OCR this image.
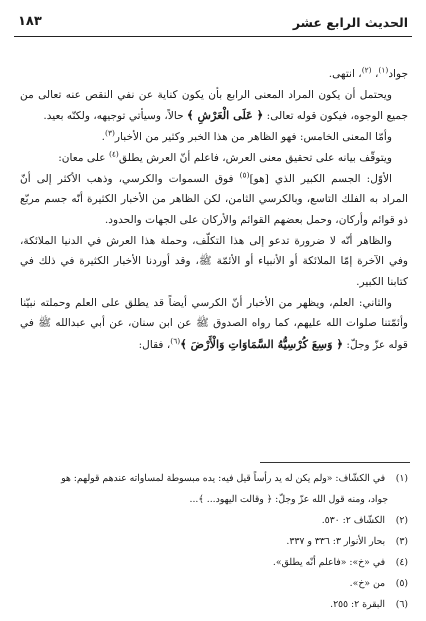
الحديث الرابع عشر
١٨٣

جواد$^{(١)}$، $^{(٢)}$، انتهى.

ويحتمل أن يكون المراد المعنى الرابع بأن يكون كناية عن نفي النقص عنه تعالى من جميع الوجوه، فيكون قوله تعالى: ﴿ عَلَى الْعَرْشِ ﴾ حالاً، وسيأتي توجيهه، ولكنّه بعيد.

وأمّا المعنى الخامس: فهو الظاهر من هذا الخبر وكثير من الأخبار$^{(٣)}$.

ويتوقّف بيانه على تحقيق معنى العرش، فاعلم أنّ العرش يطلق$^{(٤)}$ على معان:

الأوّل: الجسم الكبير الذي [هو]$^{(٥)}$ فوق السموات والكرسي، وذهب الأكثر إلى أنّ المراد به الفلك التاسع، وبالكرسي الثامن، لكن الظاهر من الأخبار الكثيرة أنّه جسم مربّع ذو قوائم وأركان، وحمل بعضهم القوائم والأركان على الجهات والحدود.

والظاهر أنّه لا ضرورة تدعو إلى هذا التكلّف، وحملة هذا العرش في الدنيا الملائكة، وفي الآخرة إمّا الملائكة أو الأنبياء أو الأئمّة ﷺ، وقد أوردنا الأخبار الكثيرة في ذلك في كتابنا الكبير.

والثاني: العلم، ويظهر من الأخبار أنّ الكرسي أيضاً قد يطلق على العلم وحملته نبيّنا وأئمّتنا صلوات الله عليهم، كما رواه الصدوق ﷺ عن ابن سنان، عن أبي عبدالله ﷺ في قوله عزّ وجلّ: ﴿ وَسِعَ كُرْسِيُّهُ السَّمَاوَاتِ وَالْأَرْضَ ﴾$^{(٦)}$، فقال:

(١) في الكشّاف: «ولم يكن له يد رأساً قيل فيه: يده مبسوطة لمساواته عندهم قولهم: هو
جواد، ومنه قول الله عزّ وجلّ: ﴿ وقالت اليهود... ﴾...
(٢) الكشّاف ٢: ٥٣٠.
(٣) بحار الأنوار ٣: ٣٣٦ و ٣٣٧.
(٤) في «خ»: «فاعلم أنّه يطلق».
(٥) من «خ».
(٦) البقرة ٢: ٢٥٥.
